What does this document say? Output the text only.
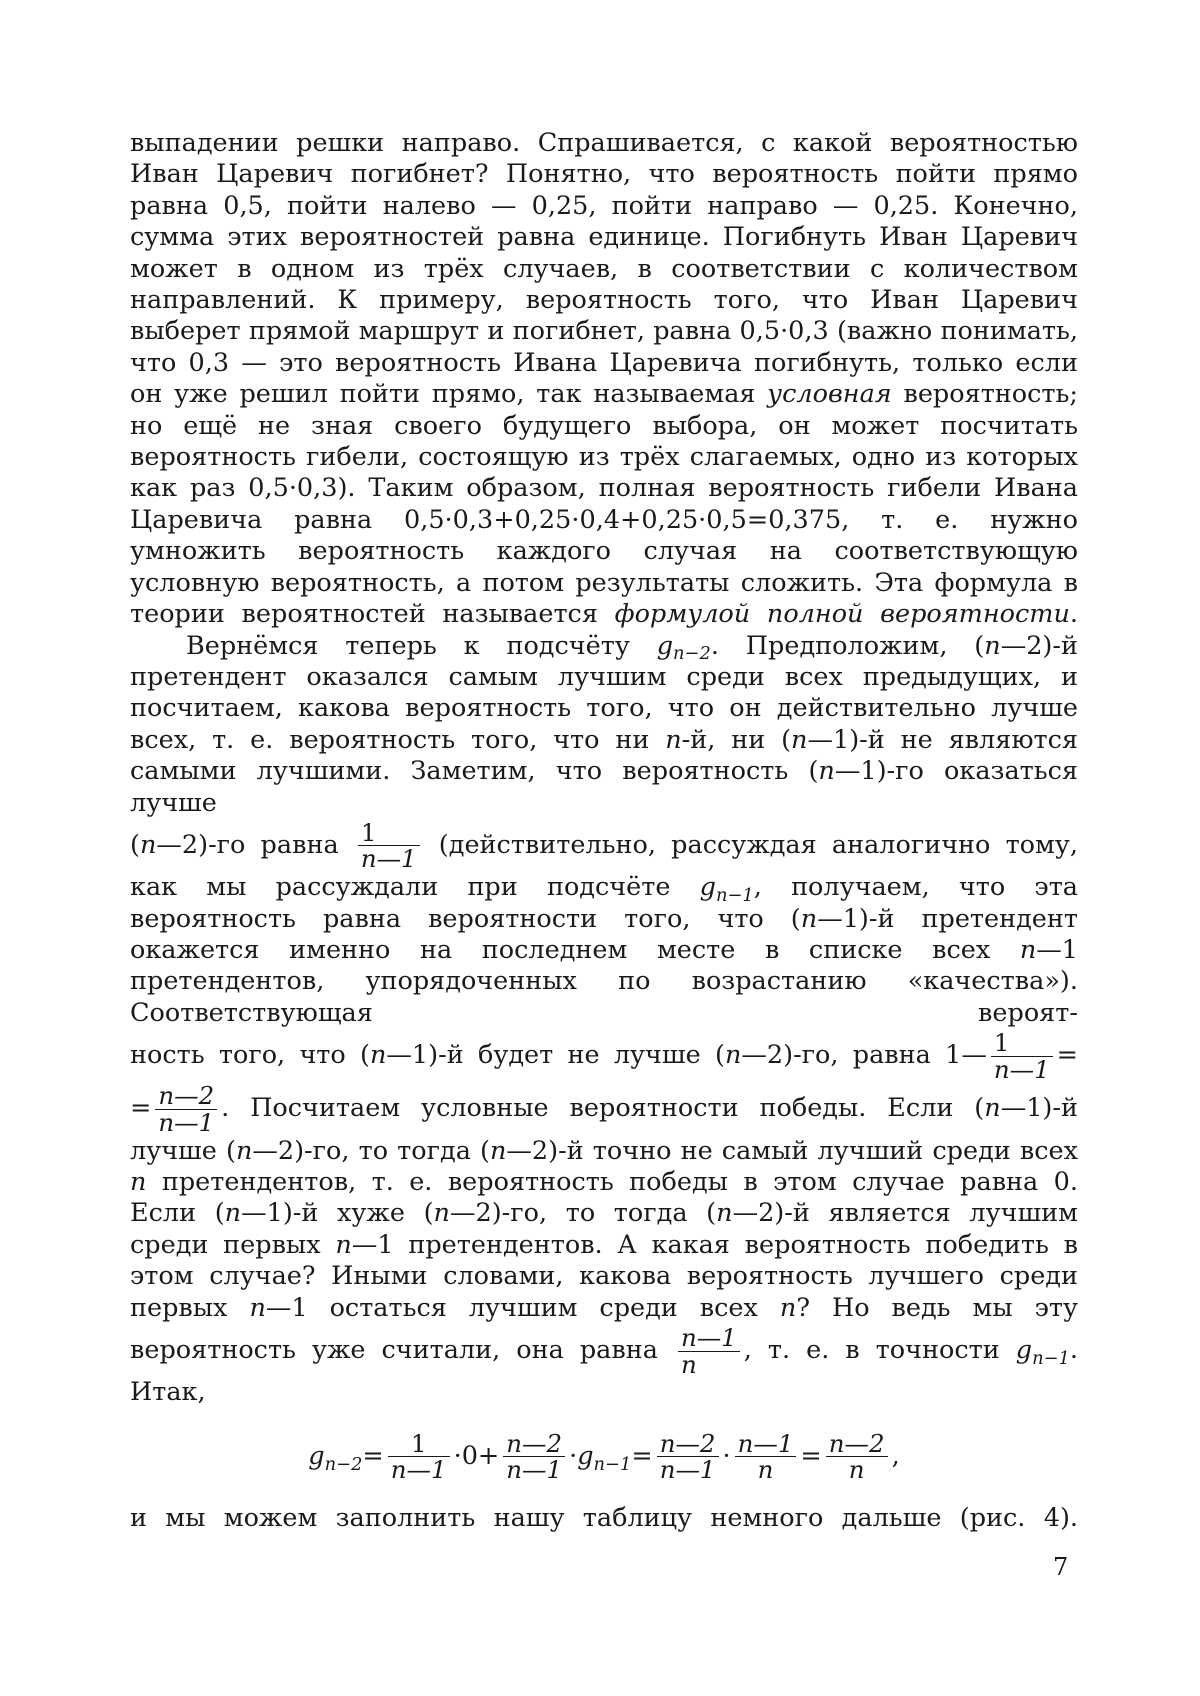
выпадении решки направо. Спрашивается, с какой вероятностью Иван Царевич погибнет? Понятно, что вероятность пойти прямо равна 0,5, пойти налево — 0,25, пойти направо — 0,25. Конечно, сумма этих вероятностей равна единице. Погибнуть Иван Царевич может в одном из трёх случаев, в соответствии с количеством направлений. К примеру, вероятность того, что Иван Царевич выберет прямой маршрут и погибнет, равна 0,5·0,3 (важно понимать, что 0,3 — это вероятность Ивана Царевича погибнуть, только если он уже решил пойти прямо, так называемая условная вероятность; но ещё не зная своего будущего выбора, он может посчитать вероятность гибели, состоящую из трёх слагаемых, одно из которых как раз 0,5·0,3). Таким образом, полная вероятность гибели Ивана Царевича равна 0,5·0,3+0,25·0,4+0,25·0,5=0,375, т. е. нужно умножить вероятность каждого случая на соответствующую условную вероятность, а потом результаты сложить. Эта формула в теории вероятностей называется формулой полной вероятности.

Вернёмся теперь к подсчёту gn−2. Предположим, (n—2)-й претендент оказался самым лучшим среди всех предыдущих, и посчитаем, какова вероятность того, что он действительно лучше всех, т. е. вероятность того, что ни n-й, ни (n—1)-й не являются самыми лучшими. Заметим, что вероятность (n—1)-го оказаться лучше

(n—2)-го равна 1
n—1 (действительно, рассуждая аналогично тому,

как мы рассуждали при подсчёте gn−1, получаем, что эта вероятность равна вероятности того, что (n—1)-й претендент окажется именно на последнем месте в списке всех n—1 претендентов, упорядоченных по возрастанию «качества»). Соответствующая вероят-

ность того, что (n—1)-й будет не лучше (n—2)-го, равна 1— 1
n—1 =

= n—2
n—1 . Посчитаем условные вероятности победы. Если (n—1)-й

лучше (n—2)-го, то тогда (n—2)-й точно не самый лучший среди всех n претендентов, т. е. вероятность победы в этом случае равна 0. Если (n—1)-й хуже (n—2)-го, то тогда (n—2)-й является лучшим среди первых n—1 претендентов. А какая вероятность победить в этом случае? Иными словами, какова вероятность лучшего среди первых n—1 остаться лучшим среди всех n? Но ведь мы эту

вероятность уже считали, она равна n—1
n	, т. е. в точности gn−1.

Итак,

gn−2=	1
n—1 ·0+ n—2
n—1 ·gn−1= n—2
n—1 · n—1
n	= n—2
n	,

и мы можем заполнить нашу таблицу немного дальше (рис. 4).

7
